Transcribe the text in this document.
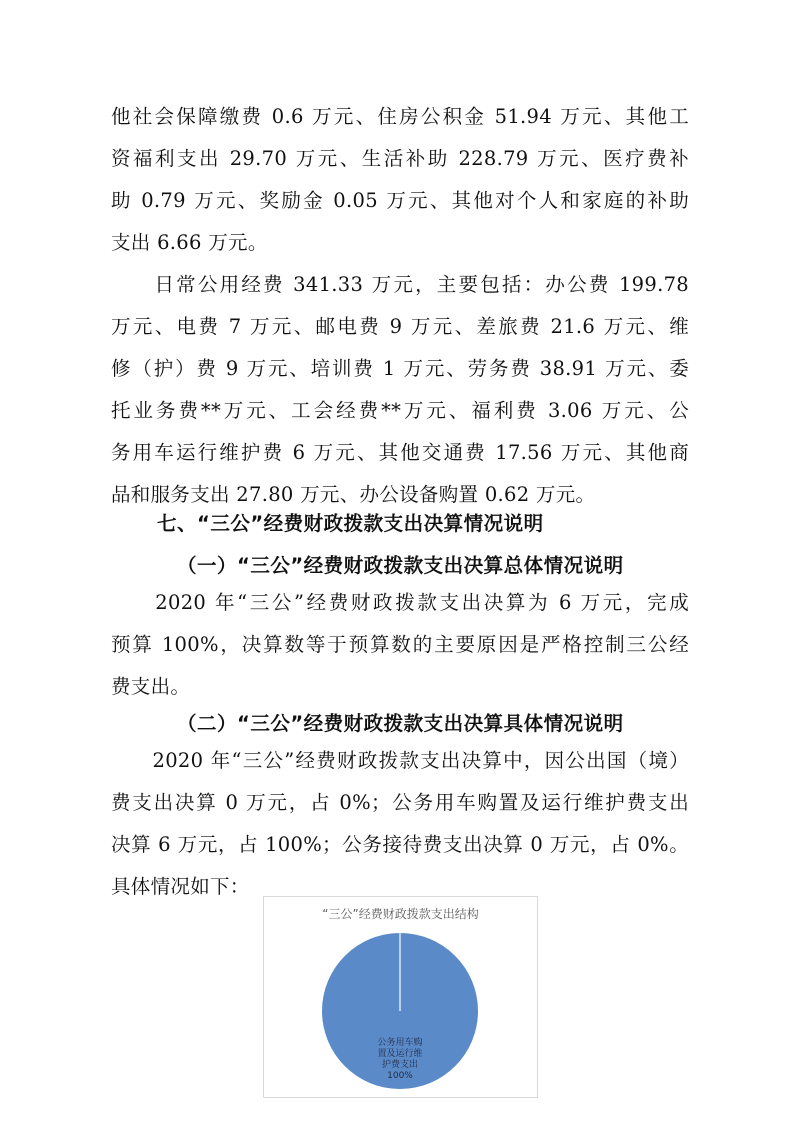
他社会保障缴费 0.6 万元、住房公积金 51.94 万元、其他工
资福利支出 29.70 万元、生活补助 228.79 万元、医疗费补
助 0.79 万元、奖励金 0.05 万元、其他对个人和家庭的补助
支出 6.66 万元。
　　日常公用经费 341.33 万元，主要包括：办公费 199.78
万元、电费 7 万元、邮电费 9 万元、差旅费 21.6 万元、维
修（护）费 9 万元、培训费 1 万元、劳务费 38.91 万元、委
托业务费**万元、工会经费**万元、福利费 3.06 万元、公
务用车运行维护费 6 万元、其他交通费 17.56 万元、其他商
品和服务支出 27.80 万元、办公设备购置 0.62 万元。
七、“三公”经费财政拨款支出决算情况说明
（一）“三公”经费财政拨款支出决算总体情况说明
　　2020 年“三公”经费财政拨款支出决算为 6 万元，完成
预算 100%，决算数等于预算数的主要原因是严格控制三公经
费支出。
（二）“三公”经费财政拨款支出决算具体情况说明
　　2020 年“三公”经费财政拨款支出决算中，因公出国（境）
费支出决算 0 万元，占 0%；公务用车购置及运行维护费支出
决算 6 万元，占 100%；公务接待费支出决算 0 万元，占 0%。
具体情况如下：
“三公”经费财政拨款支出结构
公务用车购
置及运行维
护费支出
100%
